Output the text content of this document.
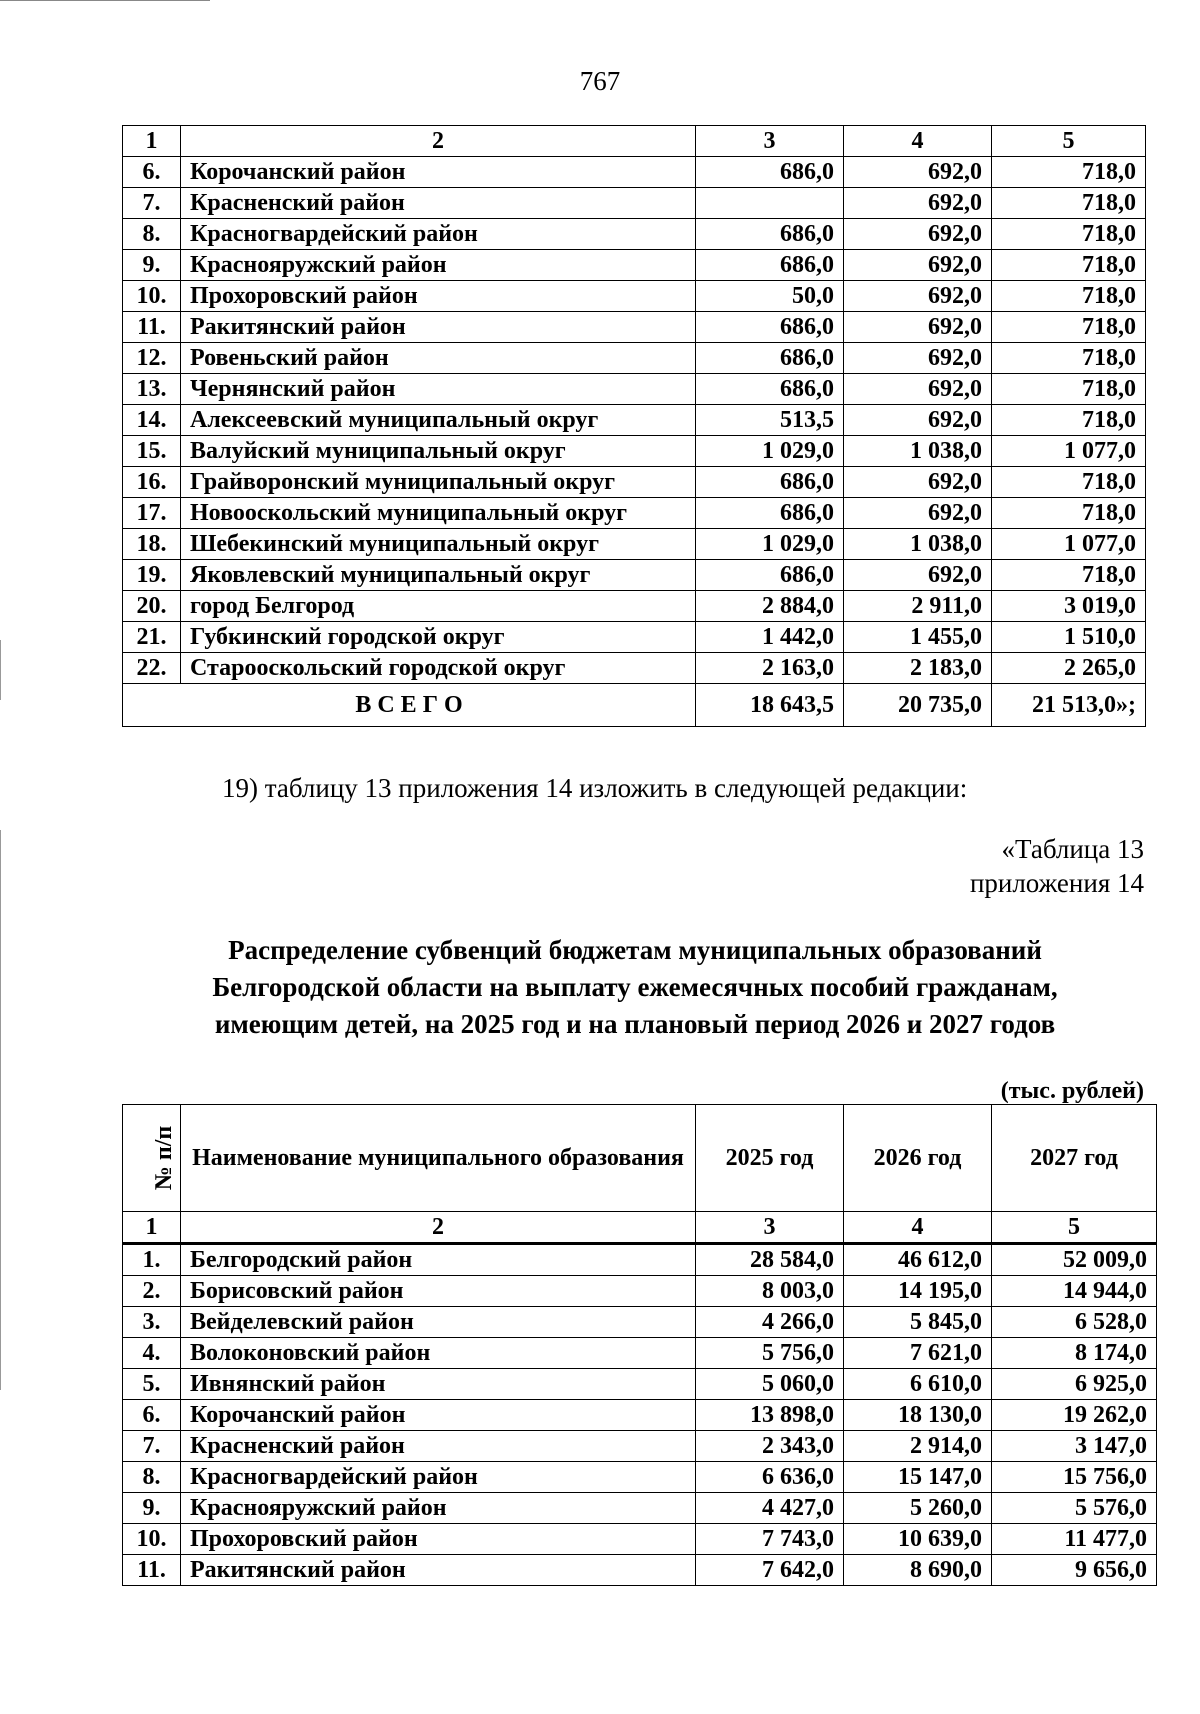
767
1	2	3	4	5
6.	Корочанский район	686,0	692,0	718,0
7.	Красненский район		692,0	718,0
8.	Красногвардейский район	686,0	692,0	718,0
9.	Краснояружский район	686,0	692,0	718,0
10.	Прохоровский район	50,0	692,0	718,0
11.	Ракитянский район	686,0	692,0	718,0
12.	Ровеньский район	686,0	692,0	718,0
13.	Чернянский район	686,0	692,0	718,0
14.	Алексеевский муниципальный округ	513,5	692,0	718,0
15.	Валуйский муниципальный округ	1 029,0	1 038,0	1 077,0
16.	Грайворонский муниципальный округ	686,0	692,0	718,0
17.	Новооскольский муниципальный округ	686,0	692,0	718,0
18.	Шебекинский муниципальный округ	1 029,0	1 038,0	1 077,0
19.	Яковлевский муниципальный округ	686,0	692,0	718,0
20.	город Белгород	2 884,0	2 911,0	3 019,0
21.	Губкинский городской округ	1 442,0	1 455,0	1 510,0
22.	Старооскольский городской округ	2 163,0	2 183,0	2 265,0
В С Е Г О		18 643,5	20 735,0	21 513,0»;
19) таблицу 13 приложения 14 изложить в следующей редакции:
«Таблица 13
приложения 14
Распределение субвенций бюджетам муниципальных образований
Белгородской области на выплату ежемесячных пособий гражданам,
имеющим детей, на 2025 год и на плановый период 2026 и 2027 годов
(тыс. рублей)
№ п/п	Наименование муниципального образования	2025 год	2026 год	2027 год
1	2	3	4	5
1.	Белгородский район	28 584,0	46 612,0	52 009,0
2.	Борисовский район	8 003,0	14 195,0	14 944,0
3.	Вейделевский район	4 266,0	5 845,0	6 528,0
4.	Волоконовский район	5 756,0	7 621,0	8 174,0
5.	Ивнянский район	5 060,0	6 610,0	6 925,0
6.	Корочанский район	13 898,0	18 130,0	19 262,0
7.	Красненский район	2 343,0	2 914,0	3 147,0
8.	Красногвардейский район	6 636,0	15 147,0	15 756,0
9.	Краснояружский район	4 427,0	5 260,0	5 576,0
10.	Прохоровский район	7 743,0	10 639,0	11 477,0
11.	Ракитянский район	7 642,0	8 690,0	9 656,0
